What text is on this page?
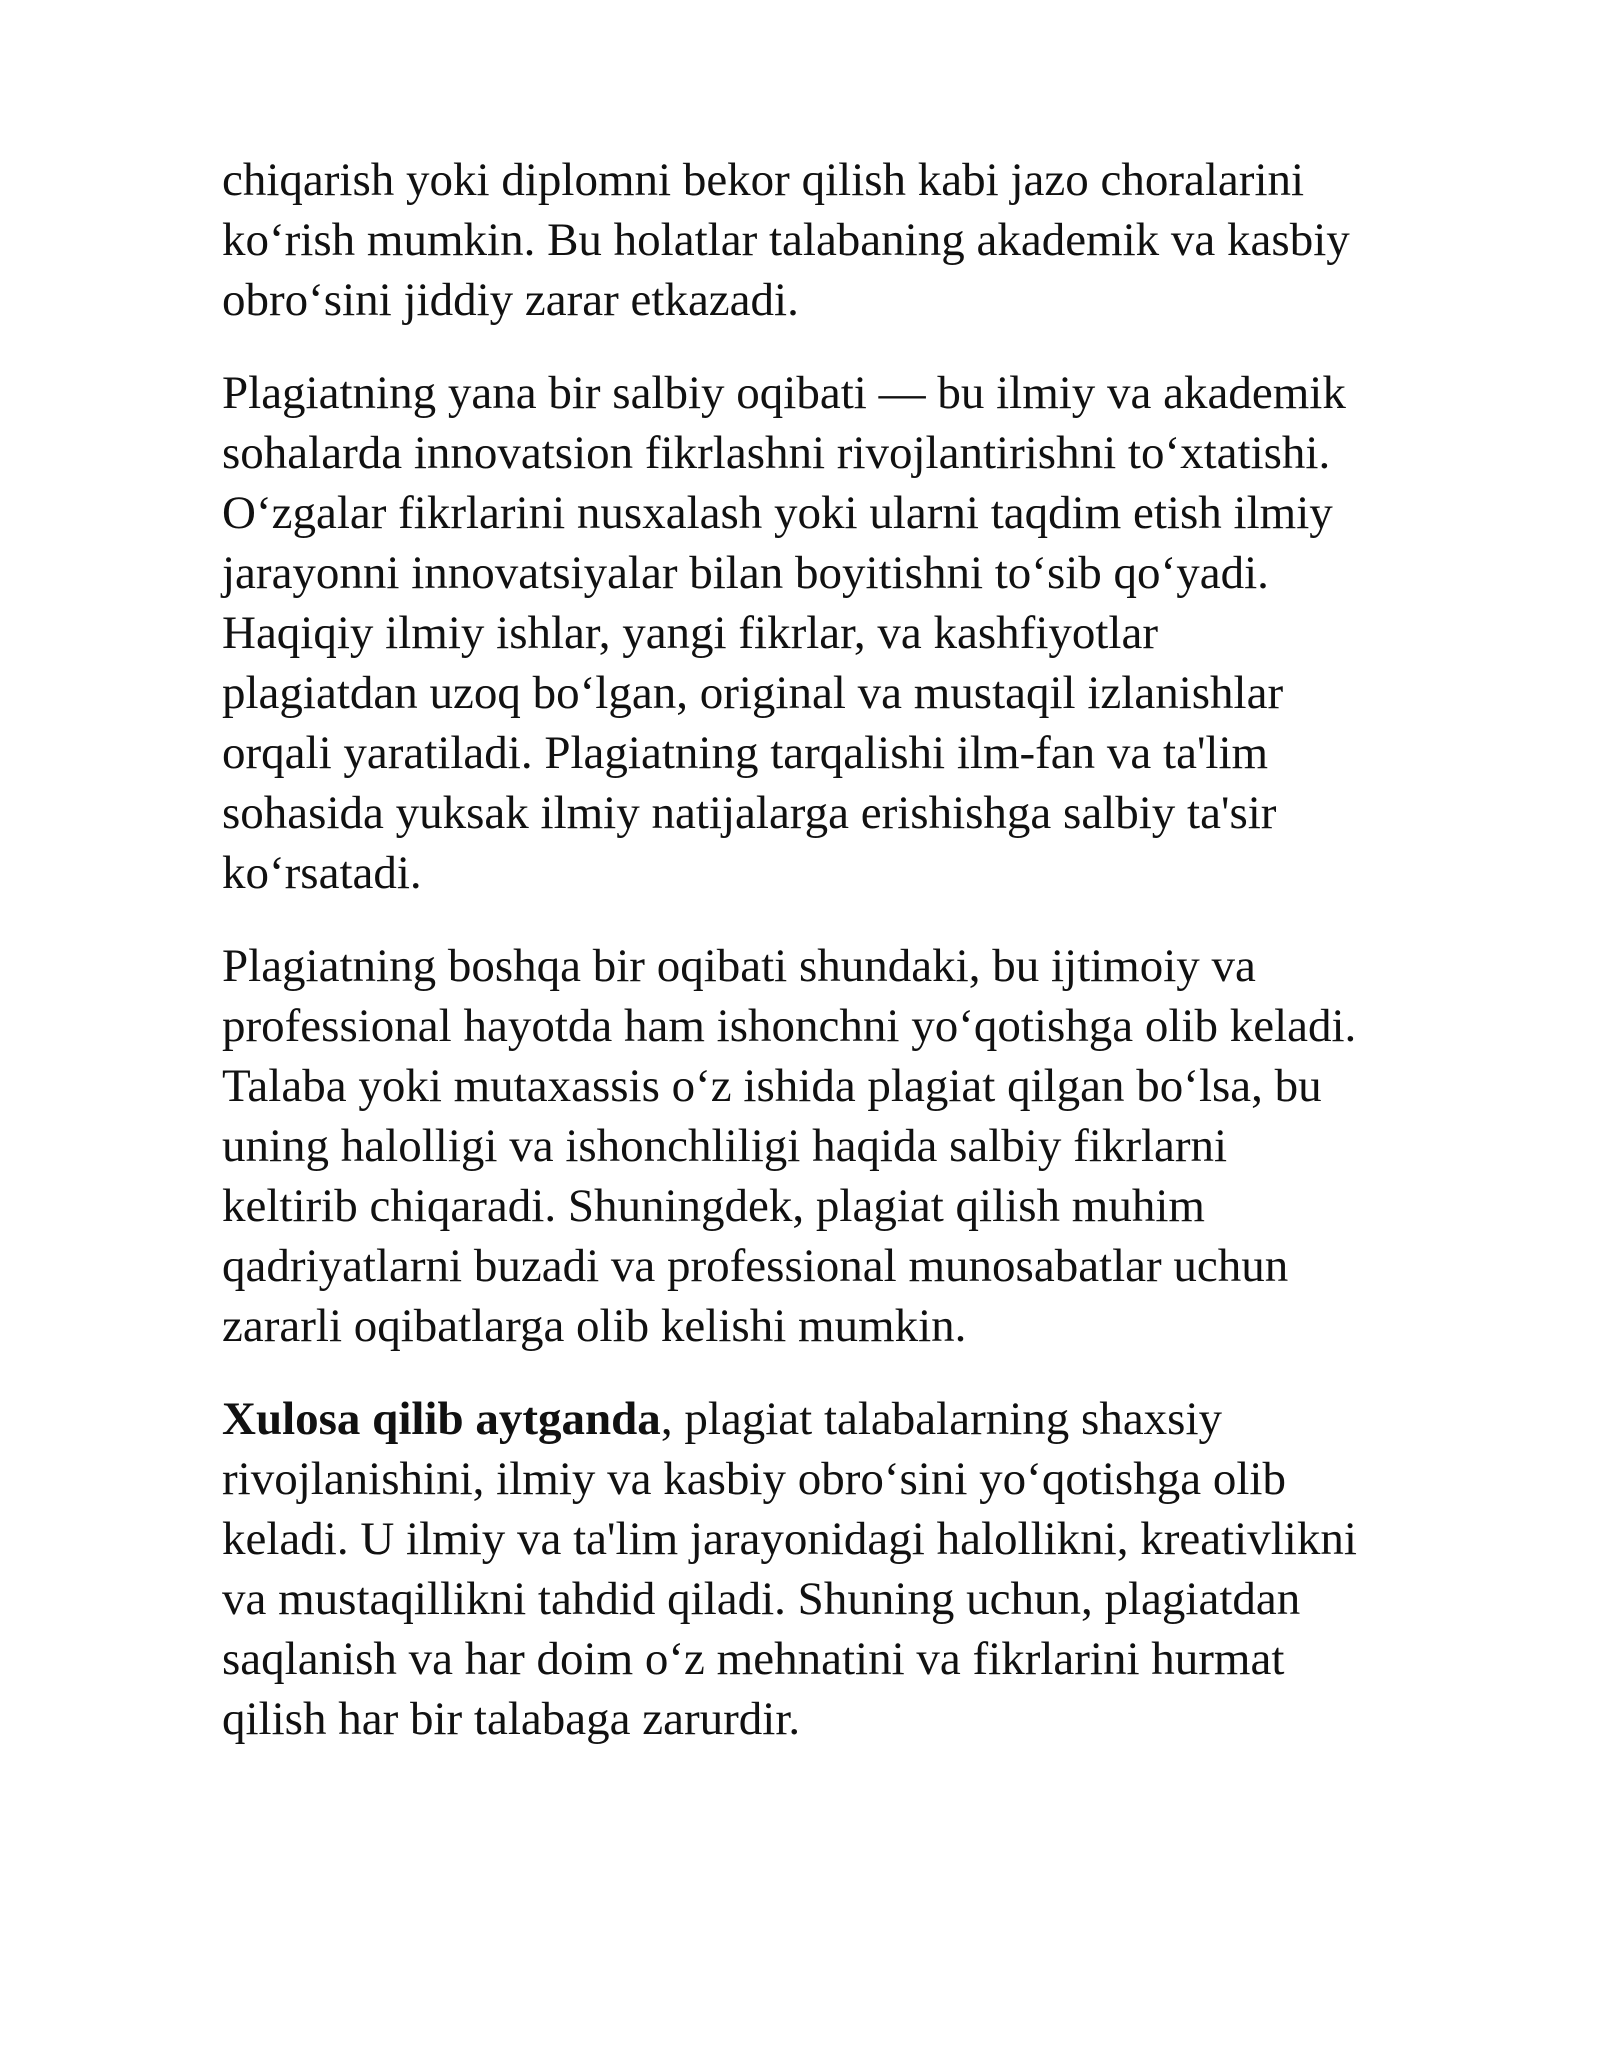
chiqarish yoki diplomni bekor qilish kabi jazo choralarini
ko‘rish mumkin. Bu holatlar talabaning akademik va kasbiy
obro‘sini jiddiy zarar etkazadi.

Plagiatning yana bir salbiy oqibati — bu ilmiy va akademik
sohalarda innovatsion fikrlashni rivojlantirishni to‘xtatishi.
O‘zgalar fikrlarini nusxalash yoki ularni taqdim etish ilmiy
jarayonni innovatsiyalar bilan boyitishni to‘sib qo‘yadi.
Haqiqiy ilmiy ishlar, yangi fikrlar, va kashfiyotlar
plagiatdan uzoq bo‘lgan, original va mustaqil izlanishlar
orqali yaratiladi. Plagiatning tarqalishi ilm-fan va ta'lim
sohasida yuksak ilmiy natijalarga erishishga salbiy ta'sir
ko‘rsatadi.

Plagiatning boshqa bir oqibati shundaki, bu ijtimoiy va
professional hayotda ham ishonchni yo‘qotishga olib keladi.
Talaba yoki mutaxassis o‘z ishida plagiat qilgan bo‘lsa, bu
uning halolligi va ishonchliligi haqida salbiy fikrlarni
keltirib chiqaradi. Shuningdek, plagiat qilish muhim
qadriyatlarni buzadi va professional munosabatlar uchun
zararli oqibatlarga olib kelishi mumkin.

Xulosa qilib aytganda, plagiat talabalarning shaxsiy
rivojlanishini, ilmiy va kasbiy obro‘sini yo‘qotishga olib
keladi. U ilmiy va ta'lim jarayonidagi halollikni, kreativlikni
va mustaqillikni tahdid qiladi. Shuning uchun, plagiatdan
saqlanish va har doim o‘z mehnatini va fikrlarini hurmat
qilish har bir talabaga zarurdir.
